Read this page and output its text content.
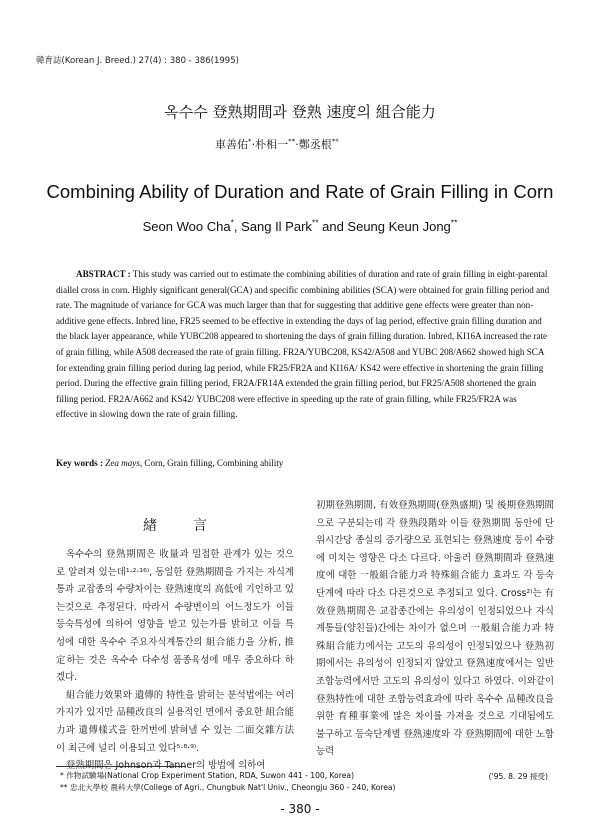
韓育誌(Korean J. Breed.) 27(4) : 380 - 386(1995)
옥수수 登熟期間과 登熟 速度의 組合能力
車善佑*·朴相一**·鄭丞根**
Combining Ability of Duration and Rate of Grain Filling in Corn
Seon Woo Cha*, Sang Il Park** and Seung Keun Jong**
ABSTRACT : This study was carried out to estimate the combining abilities of duration and rate of grain filling in eight-parental diallel cross in corn. Highly significant general(GCA) and specific combining abilities (SCA) were obtained for grain filling period and rate. The magnitude of variance for GCA was much larger than that for suggesting that additive gene effects were greater than non-additive gene effects. Inbred line, FR25 seemed to be effective in extending the days of lag period, effective grain filling duration and the black layer appearance, while YUBC208 appeared to shortening the days of grain filling duration. Inbred, KI16A increased the rate of grain filling, while A508 decreased the rate of grain filling. FR2A/YUBC208, KS42/A508 and YUBC 208/A662 showed high SCA for extending grain filling period during lag period, while FR25/FR2A and KI16A/ KS42 were effective in shortening the grain filling period. During the effective grain filling period, FR2A/FR14A extended the grain filling period, but FR25/A508 shortened the grain filling period. FR2A/A662 and KS42/ YUBC208 were effective in speeding up the rate of grain filling, while FR25/FR2A was effective in slowing down the rate of grain filling.
Key words : Zea mays, Corn, Grain filling, Combining ability
緖言

옥수수의 登熟期間은 收量과 밀접한 관계가 있는 것으로 알려져 있는데¹·²·¹⁶⁾, 동일한 登熟期間을 가지는 자식계통과 교잡종의 수량차이는 登熟速度의 高低에 기인하고 있는것으로 추정된다. 따라서 수량변이의 어느정도가 이들 등숙특성에 의하여 영향을 받고 있는가를 밝히고 이들 특성에 대한 옥수수 주요자식계통간의 組合能力을 分析, 推定하는 것은 옥수수 다수성 품종육성에 매우 중요하다 하겠다.

組合能力效果와 遺傳的 特性을 밝히는 분석법에는 여러가지가 있지만 品種改良의 실용적인 면에서 중요한 組合能力과 遺傳樣式을 한꺼번에 밝혀낼 수 있는 二面交雜方法이 최근에 널리 이용되고 있다⁵·⁸·⁹⁾.

登熟期間은 Johnson과 Tanner의 방법에 의하여

初期登熟期間, 有效登熟期間(登熟盛期) 및 後期登熟期間으로 구분되는데 각 登熟段階와 이들 登熟期間 동안에 단위시간당 종실의 증가량으로 표현되는 登熟速度 등이 수량에 미치는 영향은 다소 다르다. 아울러 登熟期間과 登熟速度에 대한 一般組合能力과 特殊組合能力 효과도 각 등숙단계에 따라 다소 다른것으로 추정되고 있다. Cross²⁾는 有效登熟期間은 교잡종간에는 유의성이 인정되었으나 자식계통들(양친들)간에는 차이가 없으며 一般組合能力과 特殊組合能力에서는 고도의 유의성이 인정되었으나 登熟初期에서는 유의성이 인정되지 않았고 登熟速度에서는 일반 조합능력에서만 고도의 유의성이 있다고 하였다. 이와같이 登熟特性에 대한 조합능력효과에 따라 옥수수 品種改良을 위한 育種事業에 많은 차이를 가져올 것으로 기대됨에도 불구하고 등숙단계별 登熟速度와 각 登熟期間에 대한 노합능력

* 作物試驗場(National Crop Experiment Station, RDA, Suwon 441 - 100, Korea)
** 忠北大學校 農科大學(College of Agri., Chungbuk Nat'l Univ., Cheongju 360 - 240, Korea)
('95. 8. 29 接受)
- 380 -
